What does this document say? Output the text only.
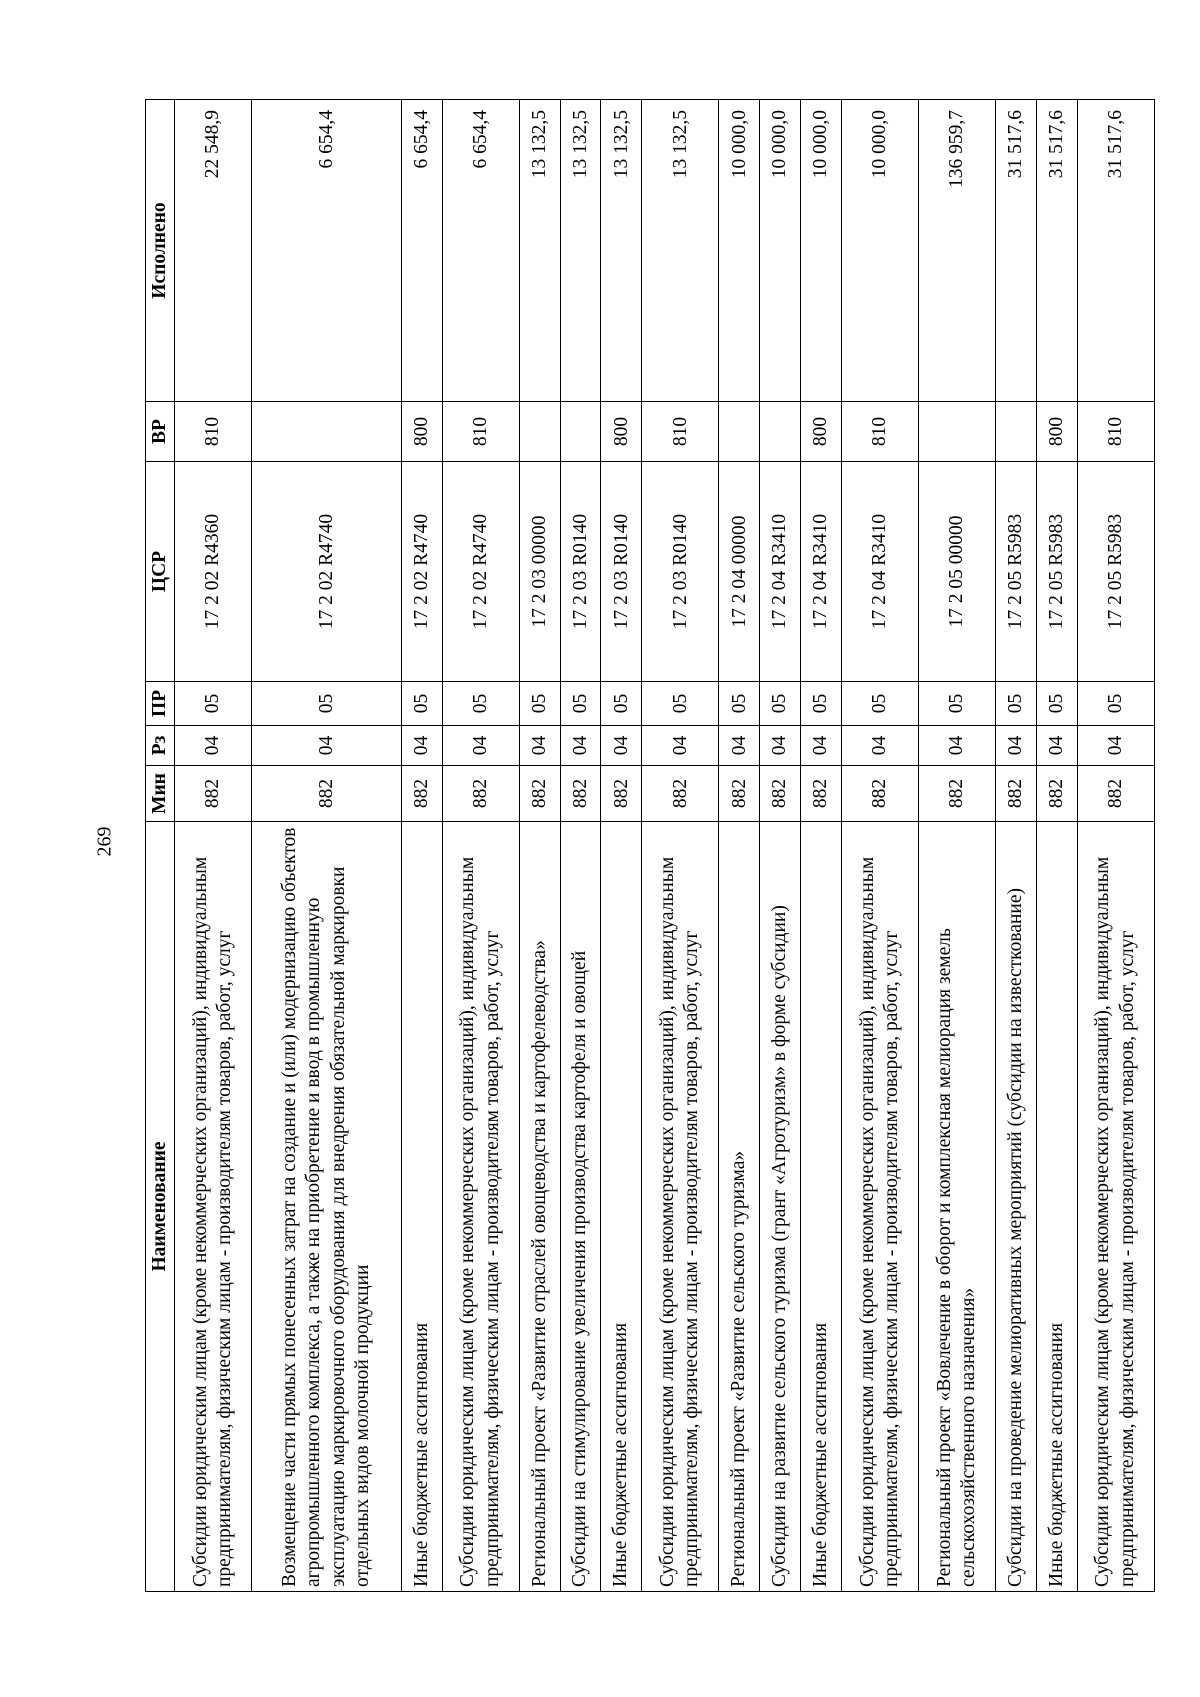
269
Наименование	Мин	Рз	ПР	ЦСР	ВР	Исполнено
Субсидии юридическим лицам (кроме некоммерческих организаций), индивидуальным предпринимателям, физическим лицам - производителям товаров, работ, услуг	882	04	05	17 2 02 R4360	810	22 548,9
Возмещение части прямых понесенных затрат на создание и (или) модернизацию объектов агропромышленного комплекса, а также на приобретение и ввод в промышленную эксплуатацию маркировочного оборудования для внедрения обязательной маркировки отдельных видов молочной продукции	882	04	05	17 2 02 R4740		6 654,4
Иные бюджетные ассигнования	882	04	05	17 2 02 R4740	800	6 654,4
Субсидии юридическим лицам (кроме некоммерческих организаций), индивидуальным предпринимателям, физическим лицам - производителям товаров, работ, услуг	882	04	05	17 2 02 R4740	810	6 654,4
Региональный проект «Развитие отраслей овощеводства и картофелеводства»	882	04	05	17 2 03 00000		13 132,5
Субсидии на стимулирование увеличения производства картофеля и овощей	882	04	05	17 2 03 R0140		13 132,5
Иные бюджетные ассигнования	882	04	05	17 2 03 R0140	800	13 132,5
Субсидии юридическим лицам (кроме некоммерческих организаций), индивидуальным предпринимателям, физическим лицам - производителям товаров, работ, услуг	882	04	05	17 2 03 R0140	810	13 132,5
Региональный проект «Развитие сельского туризма»	882	04	05	17 2 04 00000		10 000,0
Субсидии на развитие сельского туризма (грант «Агротуризм» в форме субсидии)	882	04	05	17 2 04 R3410		10 000,0
Иные бюджетные ассигнования	882	04	05	17 2 04 R3410	800	10 000,0
Субсидии юридическим лицам (кроме некоммерческих организаций), индивидуальным предпринимателям, физическим лицам - производителям товаров, работ, услуг	882	04	05	17 2 04 R3410	810	10 000,0
Региональный проект «Вовлечение в оборот и комплексная мелиорация земель сельскохозяйственного назначения»	882	04	05	17 2 05 00000		136 959,7
Субсидии на проведение мелиоративных мероприятий (субсидии на известкование)	882	04	05	17 2 05 R5983		31 517,6
Иные бюджетные ассигнования	882	04	05	17 2 05 R5983	800	31 517,6
Субсидии юридическим лицам (кроме некоммерческих организаций), индивидуальным предпринимателям, физическим лицам - производителям товаров, работ, услуг	882	04	05	17 2 05 R5983	810	31 517,6
